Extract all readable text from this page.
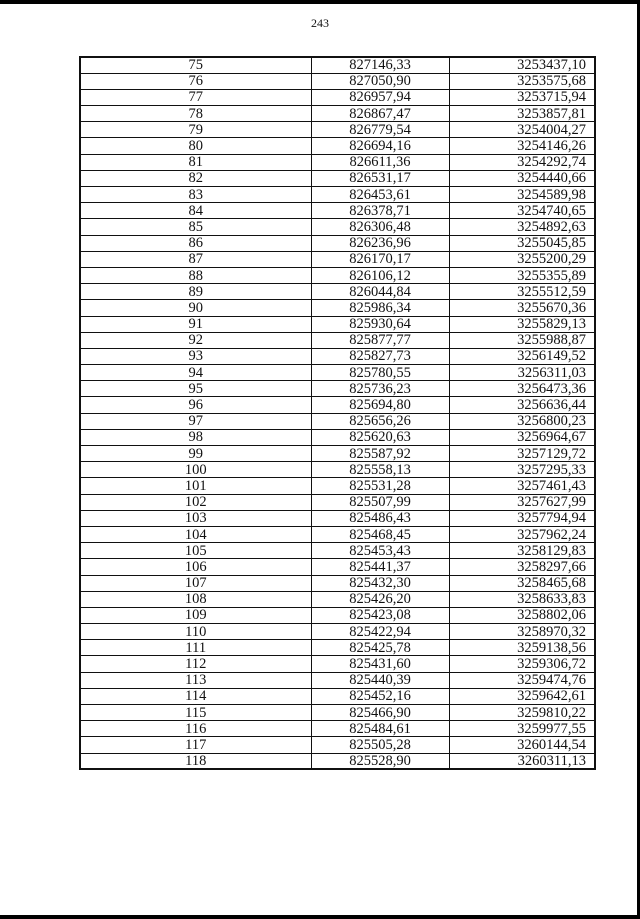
243
75	827146,33	3253437,10
76	827050,90	3253575,68
77	826957,94	3253715,94
78	826867,47	3253857,81
79	826779,54	3254004,27
80	826694,16	3254146,26
81	826611,36	3254292,74
82	826531,17	3254440,66
83	826453,61	3254589,98
84	826378,71	3254740,65
85	826306,48	3254892,63
86	826236,96	3255045,85
87	826170,17	3255200,29
88	826106,12	3255355,89
89	826044,84	3255512,59
90	825986,34	3255670,36
91	825930,64	3255829,13
92	825877,77	3255988,87
93	825827,73	3256149,52
94	825780,55	3256311,03
95	825736,23	3256473,36
96	825694,80	3256636,44
97	825656,26	3256800,23
98	825620,63	3256964,67
99	825587,92	3257129,72
100	825558,13	3257295,33
101	825531,28	3257461,43
102	825507,99	3257627,99
103	825486,43	3257794,94
104	825468,45	3257962,24
105	825453,43	3258129,83
106	825441,37	3258297,66
107	825432,30	3258465,68
108	825426,20	3258633,83
109	825423,08	3258802,06
110	825422,94	3258970,32
111	825425,78	3259138,56
112	825431,60	3259306,72
113	825440,39	3259474,76
114	825452,16	3259642,61
115	825466,90	3259810,22
116	825484,61	3259977,55
117	825505,28	3260144,54
118	825528,90	3260311,13
